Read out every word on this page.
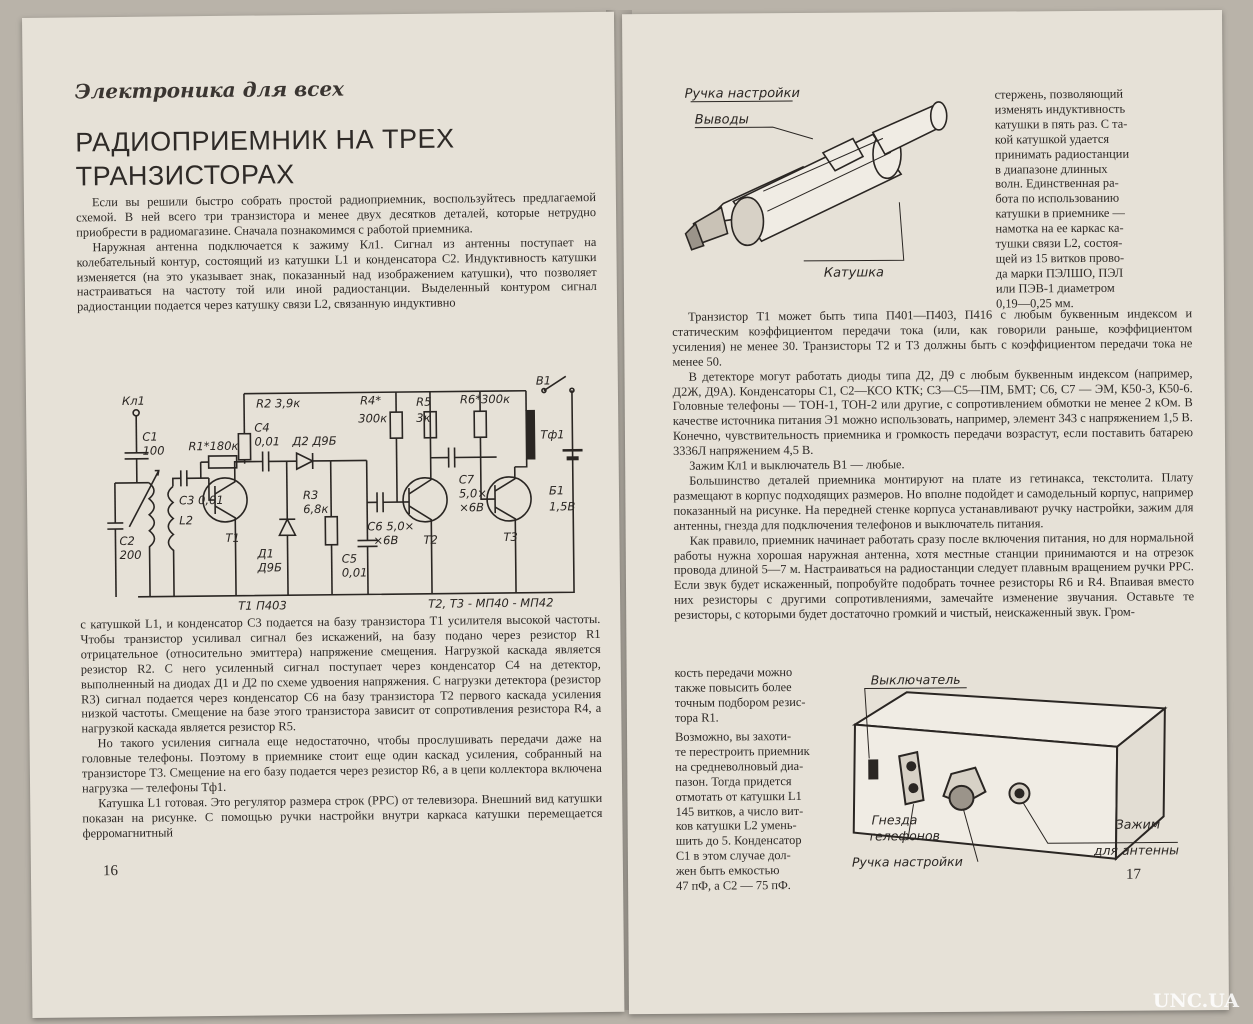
Электроника для всех
РАДИОПРИЕМНИК НА ТРЕХ
ТРАНЗИСТОРАХ

Если вы решили быстро собрать простой радиоприемник, воспользуйтесь предлагаемой схемой. В ней всего три транзистора и менее двух десятков деталей, которые нетрудно приобрести в радиомагазине. Сначала познакомимся с работой приемника.

Наружная антенна подключается к зажиму Кл1. Сигнал из антенны поступает на колебательный контур, состоящий из катушки L1 и конденсатора C2. Индуктивность катушки изменяется (на это указывает знак, показанный над изображением катушки), что позволяет настраиваться на частоту той или иной радиостанции. Выделенный контуром сигнал радиостанции подается через катушку связи L2, связанную индуктивно

Кл1
С1
100 R1*180к
С3 0,01
С2
200
L2
Т1
R2 3,9к
С4
0,01 Д2 Д9Б
R3
6,8к
Д1
Д9Б
С5
0,01
R4*
300к
R5
3к
С6 5,0×
×6В Т2
R6*300к
С7
5,0×
×6В
Т3
В1
Тф1
Б1
1,5В
Т1 П403	Т2, Т3 - МП40 - МП42

с катушкой L1, и конденсатор C3 подается на базу транзистора T1 усилителя высокой частоты. Чтобы транзистор усиливал сигнал без искажений, на базу подано через резистор R1 отрицательное (относительно эмиттера) напряжение смещения. Нагрузкой каскада является резистор R2. С него усиленный сигнал поступает через конденсатор C4 на детектор, выполненный на диодах Д1 и Д2 по схеме удвоения напряжения. С нагрузки детектора (резистор R3) сигнал подается через конденсатор C6 на базу транзистора T2 первого каскада усиления низкой частоты. Смещение на базе этого транзистора зависит от сопротивления резистора R4, а нагрузкой каскада является резистор R5.

Но такого усиления сигнала еще недостаточно, чтобы прослушивать передачи даже на головные телефоны. Поэтому в приемнике стоит еще один каскад усиления, собранный на транзисторе T3. Смещение на его базу подается через резистор R6, а в цепи коллектора включена нагрузка — телефоны Тф1.

Катушка L1 готовая. Это регулятор размера строк (РРС) от телевизора. Внешний вид катушки показан на рисунке. С помощью ручки настройки внутри каркаса катушки перемещается ферромагнитный

16
Ручка настройки
Выводы
Катушка
стержень, позволяющий
изменять индуктивность
катушки в пять раз. С та-
кой катушкой удается
принимать радиостанции
в диапазоне длинных
волн. Единственная ра-
бота по использованию
катушки в приемнике —
намотка на ее каркас ка-
тушки связи L2, состоя-
щей из 15 витков прово-
да марки ПЭЛШО, ПЭЛ
или ПЭВ-1 диаметром
0,19—0,25 мм.

Транзистор T1 может быть типа П401—П403, П416 с любым буквенным индексом и статическим коэффициентом передачи тока (или, как говорили раньше, коэффициентом усиления) не менее 30. Транзисторы T2 и T3 должны быть с коэффициентом передачи тока не менее 50.

В детекторе могут работать диоды типа Д2, Д9 с любым буквенным индексом (например, Д2Ж, Д9А). Конденсаторы C1, C2—КСО КТК; C3—C5—ПМ, БМТ; C6, C7 — ЭМ, К50-3, К50-6. Головные телефоны — ТОН-1, ТОН-2 или другие, с сопротивлением обмотки не менее 2 кОм. В качестве источника питания Э1 можно использовать, например, элемент 343 с напряжением 1,5 В. Конечно, чувствительность приемника и громкость передачи возрастут, если поставить батарею 3336Л напряжением 4,5 В.

Зажим Кл1 и выключатель В1 — любые.

Большинство деталей приемника монтируют на плате из гетинакса, текстолита. Плату размещают в корпус подходящих размеров. Но вполне подойдет и самодельный корпус, например показанный на рисунке. На передней стенке корпуса устанавливают ручку настройки, зажим для антенны, гнезда для подключения телефонов и выключатель питания.

Как правило, приемник начинает работать сразу после включения питания, но для нормальной работы нужна хорошая наружная антенна, хотя местные станции принимаются и на отрезок провода длиной 5—7 м. Настраиваться на радиостанции следует плавным вращением ручки РРС. Если звук будет искаженный, попробуйте подобрать точнее резисторы R6 и R4. Впаивая вместо них резисторы с другими сопротивлениями, замечайте изменение звучания. Оставьте те резисторы, с которыми будет достаточно громкий и чистый, неискаженный звук. Гром-

кость передачи можно
также повысить более
точным подбором резис-
тора R1.
Возможно, вы захоти-
те перестроить приемник
на средневолновый диа-
пазон. Тогда придется
отмотать от катушки L1
145 витков, а число вит-
ков катушки L2 умень-
шить до 5. Конденсатор
C1 в этом случае дол-
жен быть емкостью
47 пФ, а C2 — 75 пФ.
Выключатель
Гнезда
телефонов
Ручка настройки
Зажим
для антенны
17
UNC.UA
